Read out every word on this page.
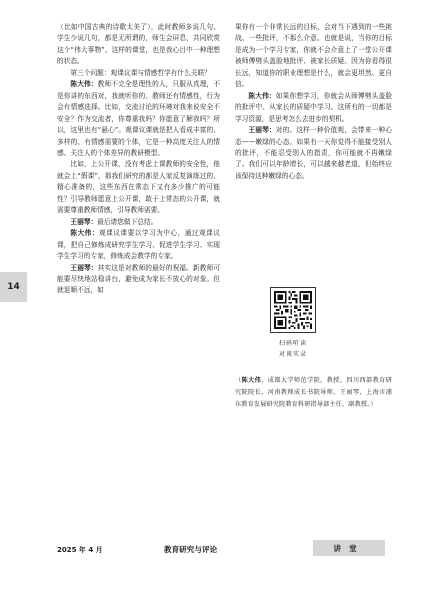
（比如中国古典的诗歌太美了），此时教师多说几句、学生少说几句，都是无所谓的，师生会屏息，共同欣赏这个“伟大事物”。这样的课堂，也是我心目中一种理想的状态。
第三个问题：观课议课与情感哲学有什么关联？
陈大伟：教师不完全是理性的人，只服从真理，不是你讲的东西对，我就听你的。教师还有情感性，行为会有情感选择。比如，交流讨论的环境对我来说安全不安全？作为交流者，你尊重我吗？你愿意了解我吗？所以，这里也有“悬心”。观课议课就是把人看成丰富的、多样的、有情感需要的个体，它是一种高度关注人的情感、关注人的个体差异的教研模型。
比如，上公开课，没有考虑上课教师的安全性，他就会上“假课”，那我们研究的都是人家反复演练过的、精心准备的，这些东西在常态下又有多少推广的可能性？引导教师愿意上公开课，敢于上常态的公开课，就需要尊重教师情感，引导教师需要。
王丽琴：最后请您做下总结。
陈大伟：观课议课要以学习为中心，通过观课议课，把自己修炼成研究学生学习、促进学生学习、实现学生学习的专家，修炼成会教学的专家。
王丽琴：其实这是对教师的最好的祝福。新教师可能要尽快地站稳讲台，避免成为家长不放心的对象。但就退顺不远，如
果你有一个非常长远的目标，会对当下遇到的一些挑战、一些批评，不那么介意。也就是说，当你的目标是成为一个学习专家，你就不会介意上了一堂公开课被师傅劈头盖脸地批评、被家长质疑。因为你看得很长远，知道你的职业理想是什么，就会更坦然、更自信。
陈大伟：如果你想学习，你就会从师傅劈头盖脸的批评中、从家长的质疑中学习。这所有的一切都是学习资源，是思考怎么去进步的契机。
王丽琴：对的。这样一种价值观，会带来一种心态——嫩绿的心态。如果有一天你觉得不能接受别人的批评，不能忍受别人的指责，你可能就不再嫩绿了。我们可以年龄增长，可以越来越老道，但始终应该保持这种嫩绿的心态。
14
扫码听读
对谈实录
（陈大伟，成都大学师范学院，教授。四川西部教育研究院院长，河南教师成长书院导师。王丽琴，上海市浦东教育发展研究院教育科研指导部主任，副教授。）
2025 年 4 月	教育研究与评论	讲堂
